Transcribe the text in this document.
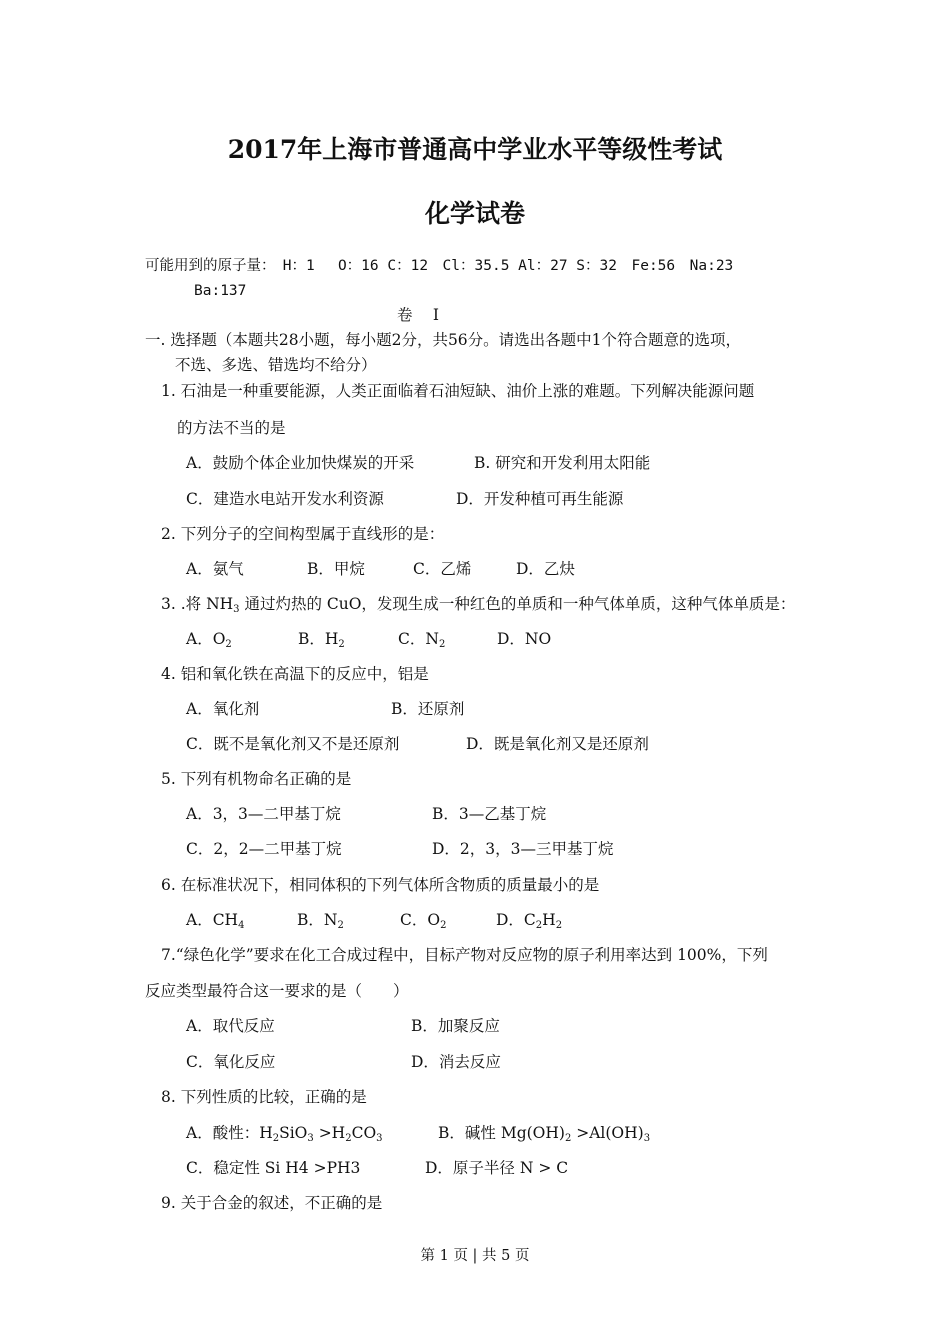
2017年上海市普通高中学业水平等级性考试
化学试卷
可能用到的原子量：　H：1　 O：16 C：12　Cl：35.5 Al：27 S：32　Fe:56　Na:23
Ba:137
卷　 Ⅰ
一. 选择题（本题共28小题，每小题2分，共56分。请选出各题中1个符合题意的选项，
不选、多选、错选均不给分）
1. 石油是一种重要能源，人类正面临着石油短缺、油价上涨的难题。下列解决能源问题
的方法不当的是
A．鼓励个体企业加快煤炭的开采	B. 研究和开发利用太阳能
C．建造水电站开发水利资源	D．开发种植可再生能源
2. 下列分子的空间构型属于直线形的是：
A．氨气	B．甲烷	C．乙烯	D．乙炔
3. .将 NH3 通过灼热的 CuO，发现生成一种红色的单质和一种气体单质，这种气体单质是：
A．O2	B．H2	C．N2	D．NO
4. 铝和氧化铁在高温下的反应中，铝是
A．氧化剂	B．还原剂
C．既不是氧化剂又不是还原剂	D．既是氧化剂又是还原剂
5. 下列有机物命名正确的是
A．3，3—二甲基丁烷	B．3—乙基丁烷
C．2，2—二甲基丁烷	D．2，3，3—三甲基丁烷
6. 在标准状况下，相同体积的下列气体所含物质的质量最小的是
A．CH4	B．N2	C．O2	D．C2H2
7.“绿色化学”要求在化工合成过程中，目标产物对反应物的原子利用率达到 100%，下列
反应类型最符合这一要求的是（　　）
A．取代反应	B．加聚反应
C．氧化反应	D．消去反应
8. 下列性质的比较，正确的是
A．酸性：H2SiO3 >H2CO3	B．碱性 Mg(OH)2 >Al(OH)3
C．稳定性 Si H4 >PH3	D．原子半径 N > C
9. 关于合金的叙述，不正确的是
第 1 页 | 共 5 页
